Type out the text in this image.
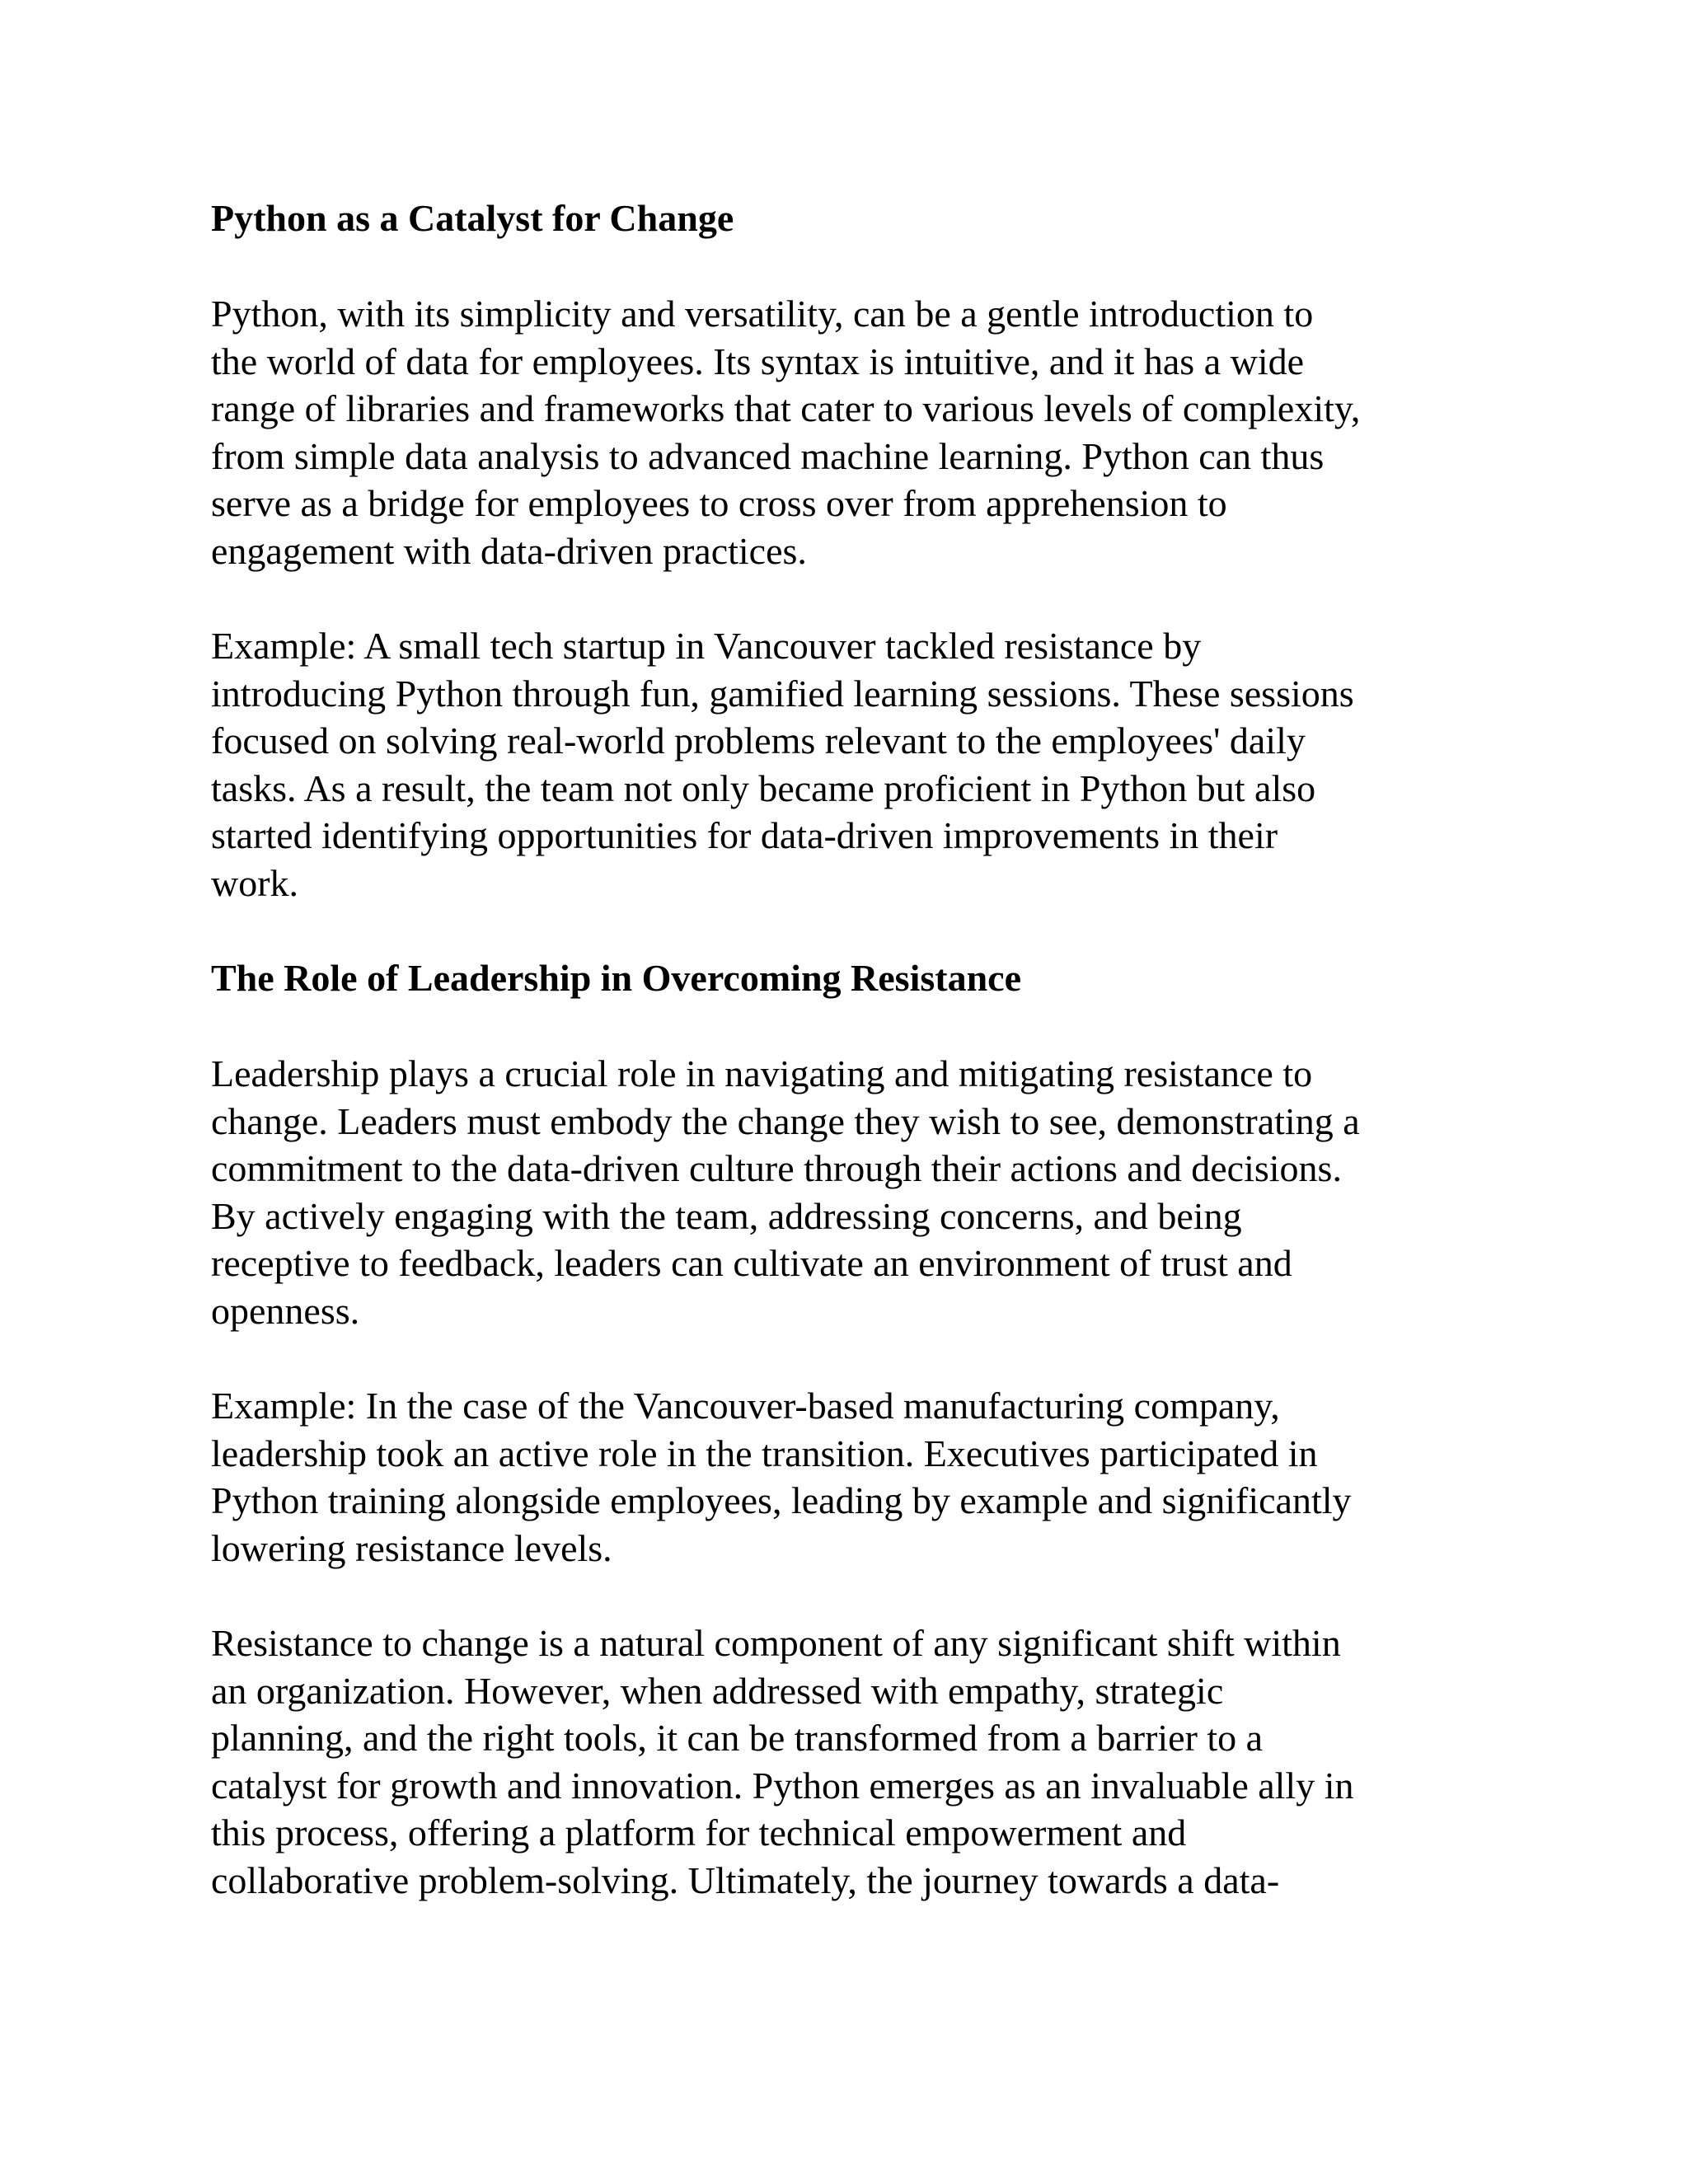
Python as a Catalyst for Change

Python, with its simplicity and versatility, can be a gentle introduction to
the world of data for employees. Its syntax is intuitive, and it has a wide
range of libraries and frameworks that cater to various levels of complexity,
from simple data analysis to advanced machine learning. Python can thus
serve as a bridge for employees to cross over from apprehension to
engagement with data-driven practices.

Example: A small tech startup in Vancouver tackled resistance by
introducing Python through fun, gamified learning sessions. These sessions
focused on solving real-world problems relevant to the employees' daily
tasks. As a result, the team not only became proficient in Python but also
started identifying opportunities for data-driven improvements in their
work.

The Role of Leadership in Overcoming Resistance

Leadership plays a crucial role in navigating and mitigating resistance to
change. Leaders must embody the change they wish to see, demonstrating a
commitment to the data-driven culture through their actions and decisions.
By actively engaging with the team, addressing concerns, and being
receptive to feedback, leaders can cultivate an environment of trust and
openness.

Example: In the case of the Vancouver-based manufacturing company,
leadership took an active role in the transition. Executives participated in
Python training alongside employees, leading by example and significantly
lowering resistance levels.

Resistance to change is a natural component of any significant shift within
an organization. However, when addressed with empathy, strategic
planning, and the right tools, it can be transformed from a barrier to a
catalyst for growth and innovation. Python emerges as an invaluable ally in
this process, offering a platform for technical empowerment and
collaborative problem-solving. Ultimately, the journey towards a data-
